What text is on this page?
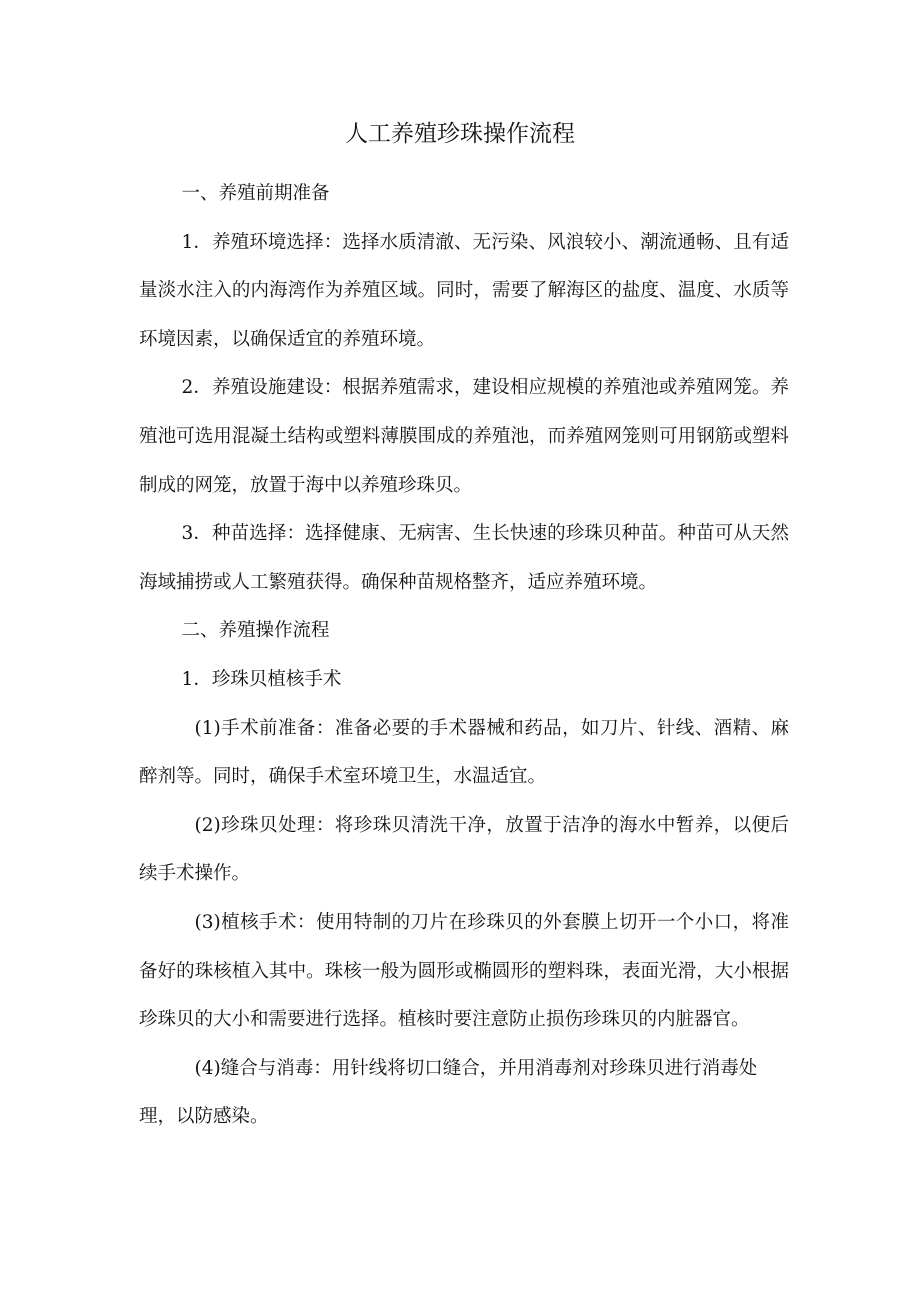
人工养殖珍珠操作流程

一、养殖前期准备

1．养殖环境选择：选择水质清澈、无污染、风浪较小、潮流通畅、且有适量淡水注入的内海湾作为养殖区域。同时，需要了解海区的盐度、温度、水质等环境因素，以确保适宜的养殖环境。

2．养殖设施建设：根据养殖需求，建设相应规模的养殖池或养殖网笼。养殖池可选用混凝土结构或塑料薄膜围成的养殖池，而养殖网笼则可用钢筋或塑料制成的网笼，放置于海中以养殖珍珠贝。

3．种苗选择：选择健康、无病害、生长快速的珍珠贝种苗。种苗可从天然海域捕捞或人工繁殖获得。确保种苗规格整齐，适应养殖环境。

二、养殖操作流程

1．珍珠贝植核手术

(1)手术前准备：准备必要的手术器械和药品，如刀片、针线、酒精、麻醉剂等。同时，确保手术室环境卫生，水温适宜。

(2)珍珠贝处理：将珍珠贝清洗干净，放置于洁净的海水中暂养，以便后续手术操作。

(3)植核手术：使用特制的刀片在珍珠贝的外套膜上切开一个小口，将准备好的珠核植入其中。珠核一般为圆形或椭圆形的塑料珠，表面光滑，大小根据珍珠贝的大小和需要进行选择。植核时要注意防止损伤珍珠贝的内脏器官。

(4)缝合与消毒：用针线将切口缝合，并用消毒剂对珍珠贝进行消毒处理，以防感染。
